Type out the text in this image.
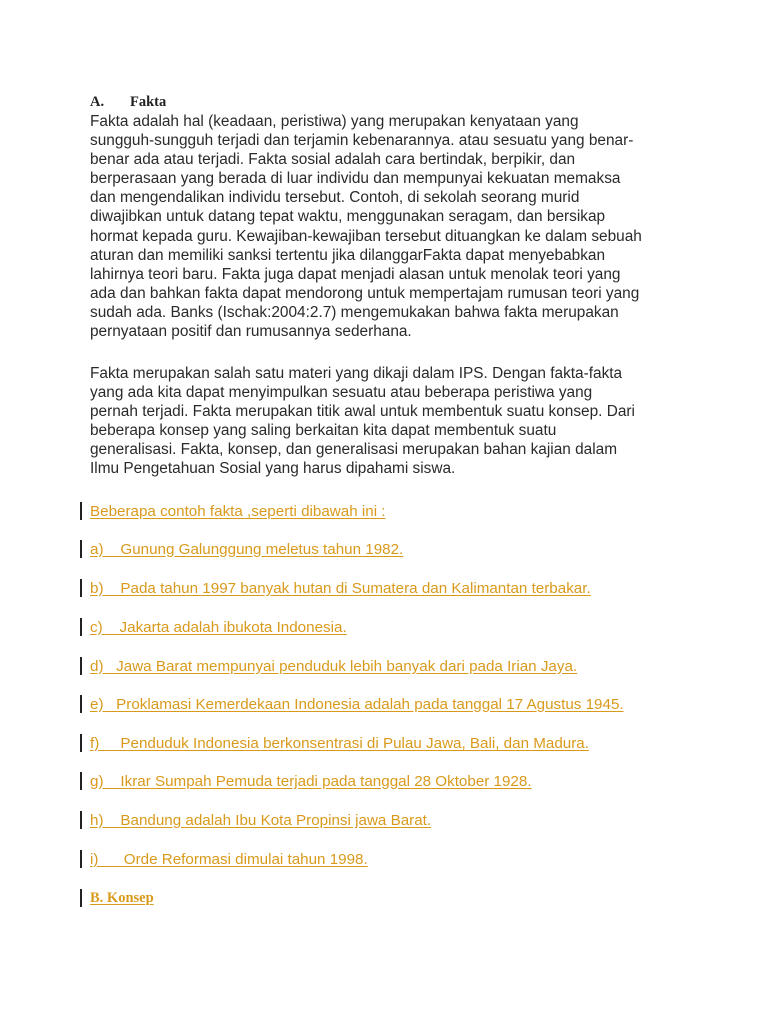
A. Fakta

Fakta adalah hal (keadaan, peristiwa) yang merupakan kenyataan yang
sungguh-sungguh terjadi dan terjamin kebenarannya. atau sesuatu yang benar-
benar ada atau terjadi. Fakta sosial adalah cara bertindak, berpikir, dan
berperasaan yang berada di luar individu dan mempunyai kekuatan memaksa
dan mengendalikan individu tersebut. Contoh, di sekolah seorang murid
diwajibkan untuk datang tepat waktu, menggunakan seragam, dan bersikap
hormat kepada guru. Kewajiban-kewajiban tersebut dituangkan ke dalam sebuah
aturan dan memiliki sanksi tertentu jika dilanggarFakta dapat menyebabkan
lahirnya teori baru. Fakta juga dapat menjadi alasan untuk menolak teori yang
ada dan bahkan fakta dapat mendorong untuk mempertajam rumusan teori yang
sudah ada. Banks (Ischak:2004:2.7) mengemukakan bahwa fakta merupakan
pernyataan positif dan rumusannya sederhana.

Fakta merupakan salah satu materi yang dikaji dalam IPS. Dengan fakta-fakta
yang ada kita dapat menyimpulkan sesuatu atau beberapa peristiwa yang
pernah terjadi. Fakta merupakan titik awal untuk membentuk suatu konsep. Dari
beberapa konsep yang saling berkaitan kita dapat membentuk suatu
generalisasi. Fakta, konsep, dan generalisasi merupakan bahan kajian dalam
Ilmu Pengetahuan Sosial yang harus dipahami siswa.

Beberapa contoh fakta ,seperti dibawah ini :
a)    Gunung Galunggung meletus tahun 1982.
b)    Pada tahun 1997 banyak hutan di Sumatera dan Kalimantan terbakar.
c)    Jakarta adalah ibukota Indonesia.
d)   Jawa Barat mempunyai penduduk lebih banyak dari pada Irian Jaya.
e)   Proklamasi Kemerdekaan Indonesia adalah pada tanggal 17 Agustus 1945.
f)     Penduduk Indonesia berkonsentrasi di Pulau Jawa, Bali, dan Madura.
g)    Ikrar Sumpah Pemuda terjadi pada tanggal 28 Oktober 1928.
h)    Bandung adalah Ibu Kota Propinsi jawa Barat.
i)      Orde Reformasi dimulai tahun 1998.
B. Konsep
